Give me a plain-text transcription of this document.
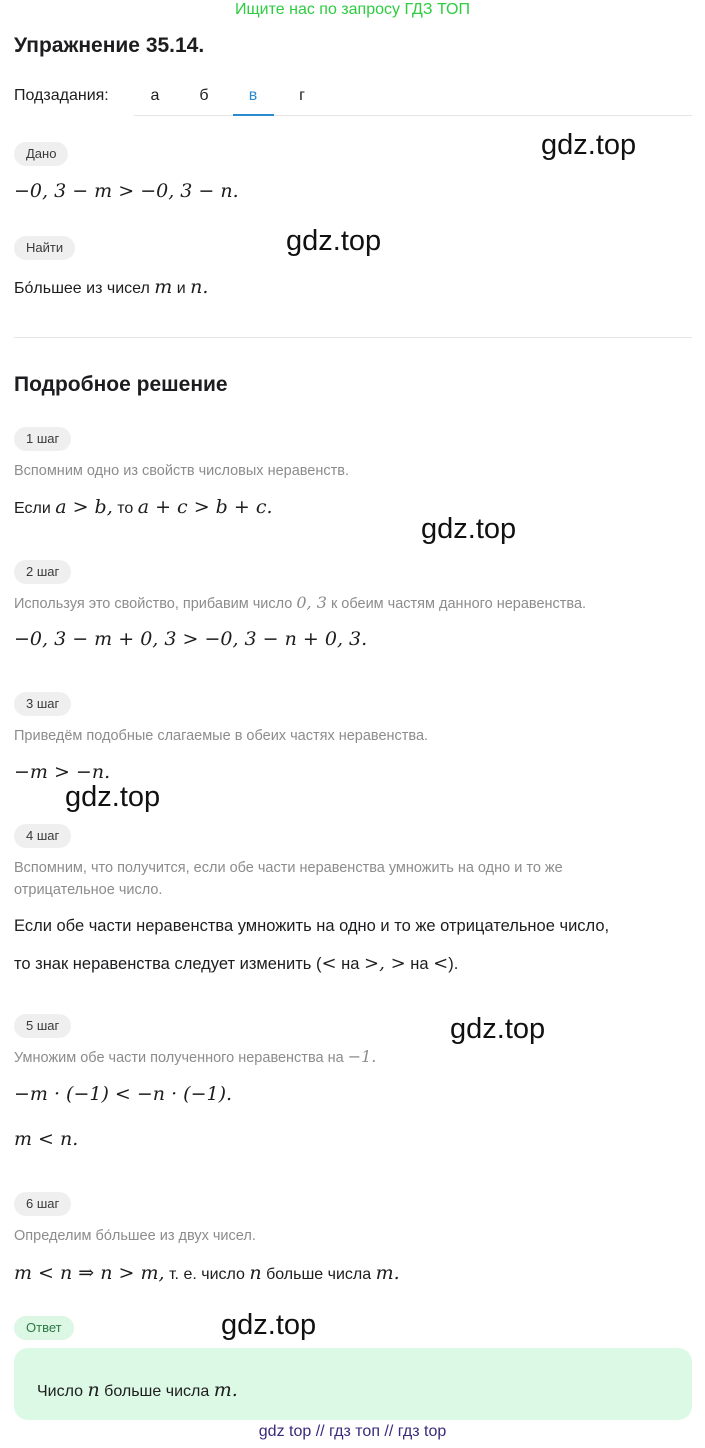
Ищите нас по запросу ГДЗ ТОП
Упражнение 35.14.
Подзадания:	а	б	в	г
Дано
−0, 3 − m > −0, 3 − n.
Найти
Бо́льшее из чисел m и n.
Подробное решение
1 шаг
Вспомним одно из свойств числовых неравенств.
Если a > b, то a + c > b + c.
2 шаг
Используя это свойство, прибавим число 0, 3 к обеим частям данного неравенства.
−0, 3 − m + 0, 3 > −0, 3 − n + 0, 3.
3 шаг
Приведём подобные слагаемые в обеих частях неравенства.
−m > −n.
4 шаг
Вспомним, что получится, если обе части неравенства умножить на одно и то же
отрицательное число.
Если обе части неравенства умножить на одно и то же отрицательное число,
то знак неравенства следует изменить (< на >, > на <).
5 шаг
Умножим обе части полученного неравенства на −1.
−m · (−1) < −n · (−1).
m < n.
6 шаг
Определим бо́льшее из двух чисел.
m < n ⇒ n > m, т. е. число n больше числа m.
Ответ
Число n больше числа m.
gdz.top
gdz.top
gdz.top
gdz.top
gdz.top
gdz.top
gdz top // гдз топ // гдз top
